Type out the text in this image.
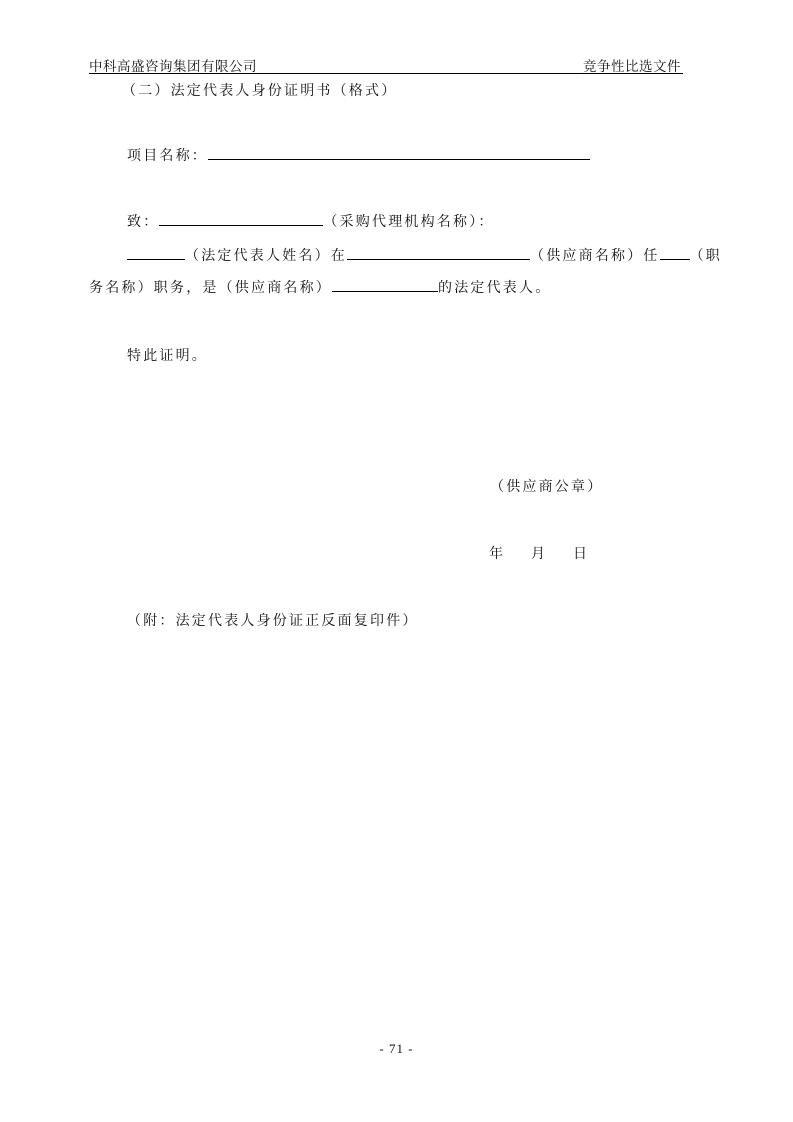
中科高盛咨询集团有限公司	竞争性比选文件
（二）法定代表人身份证明书（格式）
项目名称：
致：	（采购代理机构名称）：
（法定代表人姓名）在	（供应商名称）任 （职
务名称）职务，是（供应商名称）	的法定代表人。
特此证明。
（供应商公章）
年 月 日
（附：法定代表人身份证正反面复印件）
- 71 -
